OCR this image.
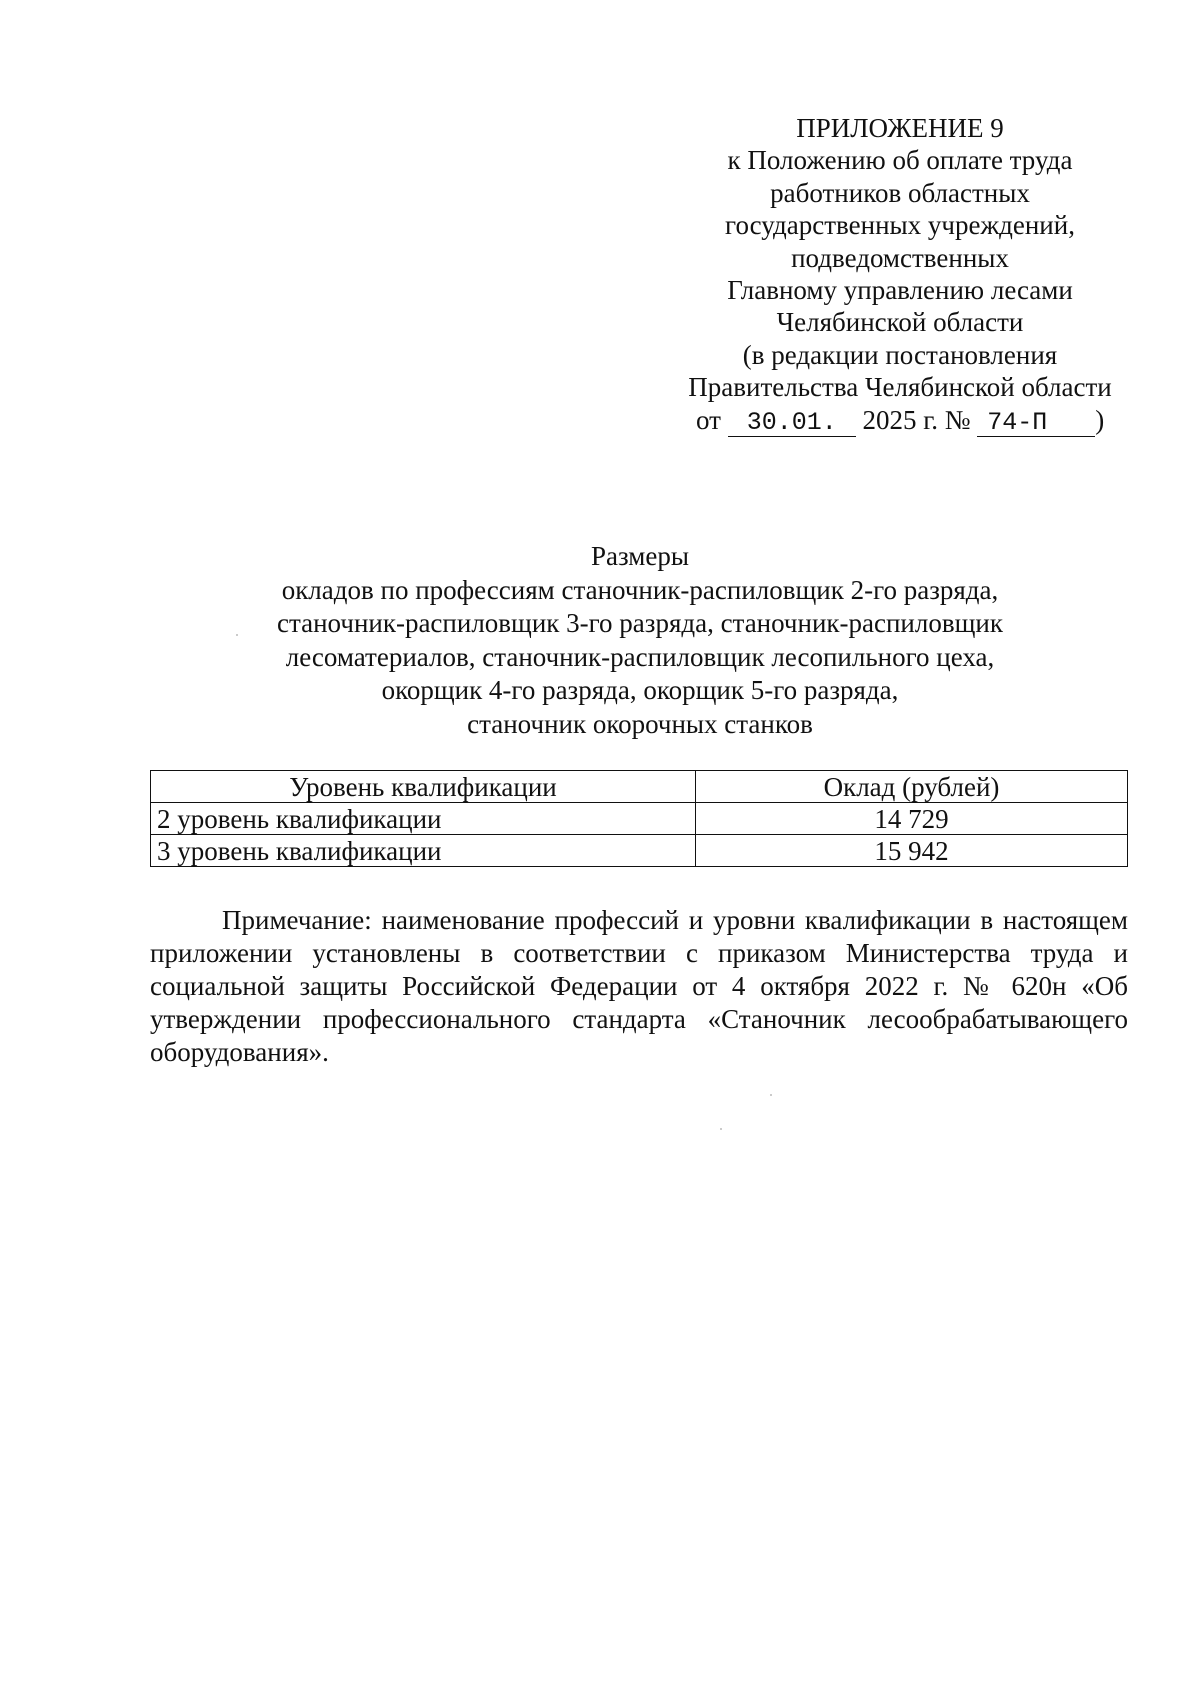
ПРИЛОЖЕНИЕ 9
к Положению об оплате труда
работников областных
государственных учреждений,
подведомственных
Главному управлению лесами
Челябинской области
(в редакции постановления
Правительства Челябинской области
от 30.01. 2025 г. № 74-П )
Размеры
окладов по профессиям станочник-распиловщик 2-го разряда,
станочник-распиловщик 3-го разряда, станочник-распиловщик
лесоматериалов, станочник-распиловщик лесопильного цеха,
окорщик 4-го разряда, окорщик 5-го разряда,
станочник окорочных станков
Уровень квалификации	Оклад (рублей)
2 уровень квалификации	14 729
3 уровень квалификации	15 942
Примечание: наименование профессий и уровни квалификации в настоящем приложении установлены в соответствии с приказом Министерства труда и социальной защиты Российской Федерации от 4 октября 2022 г. № 620н «Об утверждении профессионального стандарта «Станочник лесообрабатывающего оборудования».
